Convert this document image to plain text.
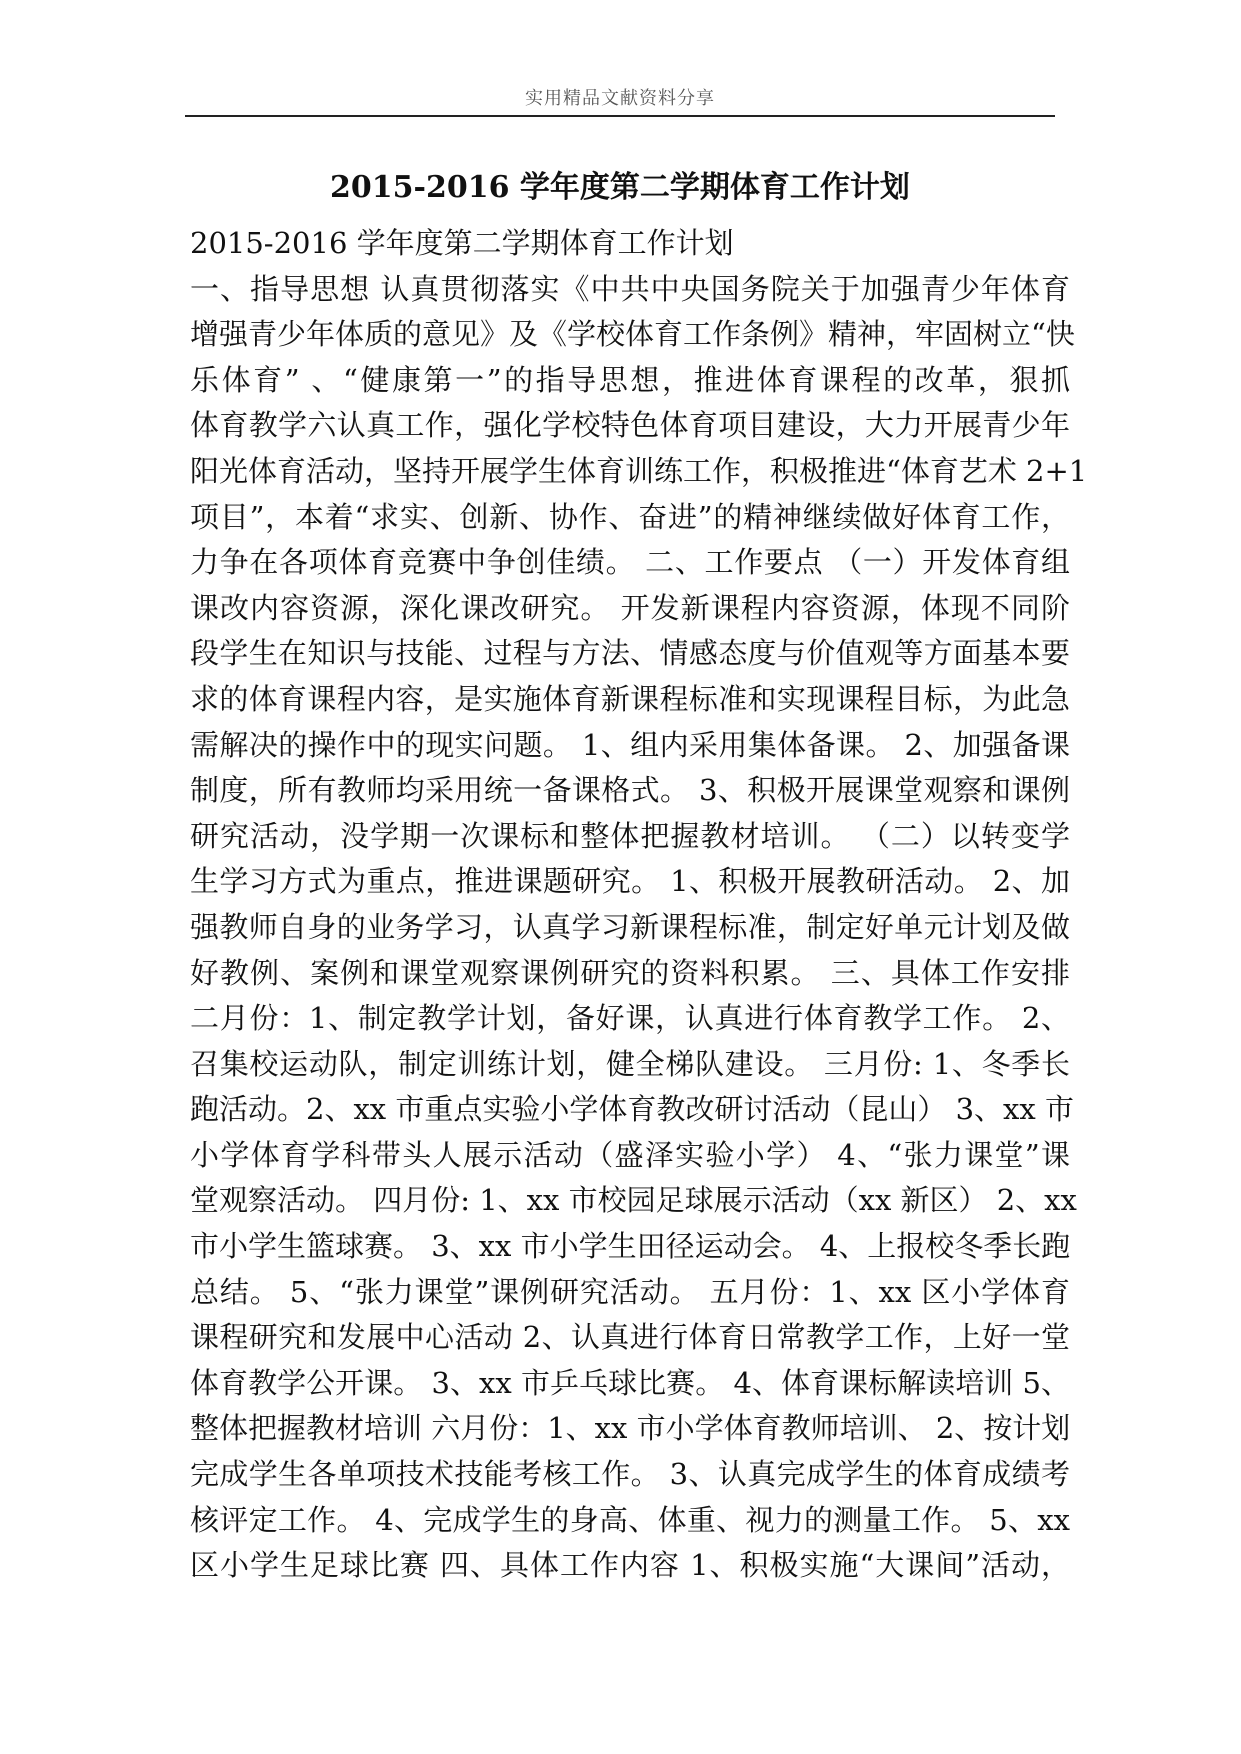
实用精品文献资料分享
2015-2016 学年度第二学期体育工作计划
2015-2016 学年度第二学期体育工作计划
一、指导思想 认真贯彻落实《中共中央国务院关于加强青少年体育
增强青少年体质的意见》及《学校体育工作条例》精神，牢固树立“快
乐体育” 、“健康第一”的指导思想，推进体育课程的改革，狠抓
体育教学六认真工作，强化学校特色体育项目建设，大力开展青少年
阳光体育活动，坚持开展学生体育训练工作，积极推进“体育艺术 2+1
项目”，本着“求实、创新、协作、奋进”的精神继续做好体育工作，
力争在各项体育竞赛中争创佳绩。 二、工作要点 （一）开发体育组
课改内容资源，深化课改研究。 开发新课程内容资源，体现不同阶
段学生在知识与技能、过程与方法、情感态度与价值观等方面基本要
求的体育课程内容，是实施体育新课程标准和实现课程目标，为此急
需解决的操作中的现实问题。 1、组内采用集体备课。 2、加强备课
制度，所有教师均采用统一备课格式。 3、积极开展课堂观察和课例
研究活动，没学期一次课标和整体把握教材培训。 （二）以转变学
生学习方式为重点，推进课题研究。 1、积极开展教研活动。 2、加
强教师自身的业务学习，认真学习新课程标准，制定好单元计划及做
好教例、案例和课堂观察课例研究的资料积累。 三、具体工作安排
二月份：1、制定教学计划，备好课，认真进行体育教学工作。 2、
召集校运动队，制定训练计划，健全梯队建设。 三月份: 1、冬季长
跑活动。2、xx 市重点实验小学体育教改研讨活动（昆山） 3、xx 市
小学体育学科带头人展示活动（盛泽实验小学） 4、“张力课堂”课
堂观察活动。 四月份: 1、xx 市校园足球展示活动（xx 新区） 2、xx
市小学生篮球赛。 3、xx 市小学生田径运动会。 4、上报校冬季长跑
总结。 5、“张力课堂”课例研究活动。 五月份：1、xx 区小学体育
课程研究和发展中心活动 2、认真进行体育日常教学工作，上好一堂
体育教学公开课。 3、xx 市乒乓球比赛。 4、体育课标解读培训 5、
整体把握教材培训 六月份：1、xx 市小学体育教师培训、 2、按计划
完成学生各单项技术技能考核工作。 3、认真完成学生的体育成绩考
核评定工作。 4、完成学生的身高、体重、视力的测量工作。 5、xx
区小学生足球比赛 四、具体工作内容 1、积极实施“大课间”活动，
